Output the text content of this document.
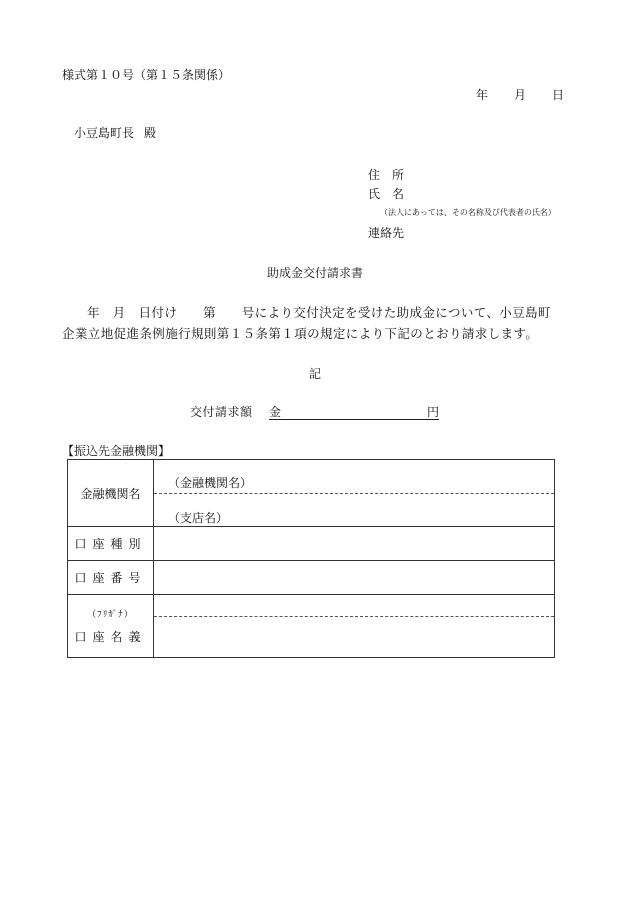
様式第１０号（第１５条関係）
年 月 日
小豆島町長 殿
住　所
氏　名
（法人にあっては、その名称及び代表者の氏名）
連絡先
助成金交付請求書
年　月　日付け　　第　　号により交付決定を受けた助成金について、小豆島町
企業立地促進条例施行規則第１５条第１項の規定により下記のとおり請求します。
記
交付請求額 金	円
【振込先金融機関】
金融機関名
（金融機関名）
（支店名）
口座種別
口座番号
（ﾌﾘｶﾞﾅ）
口座名義
